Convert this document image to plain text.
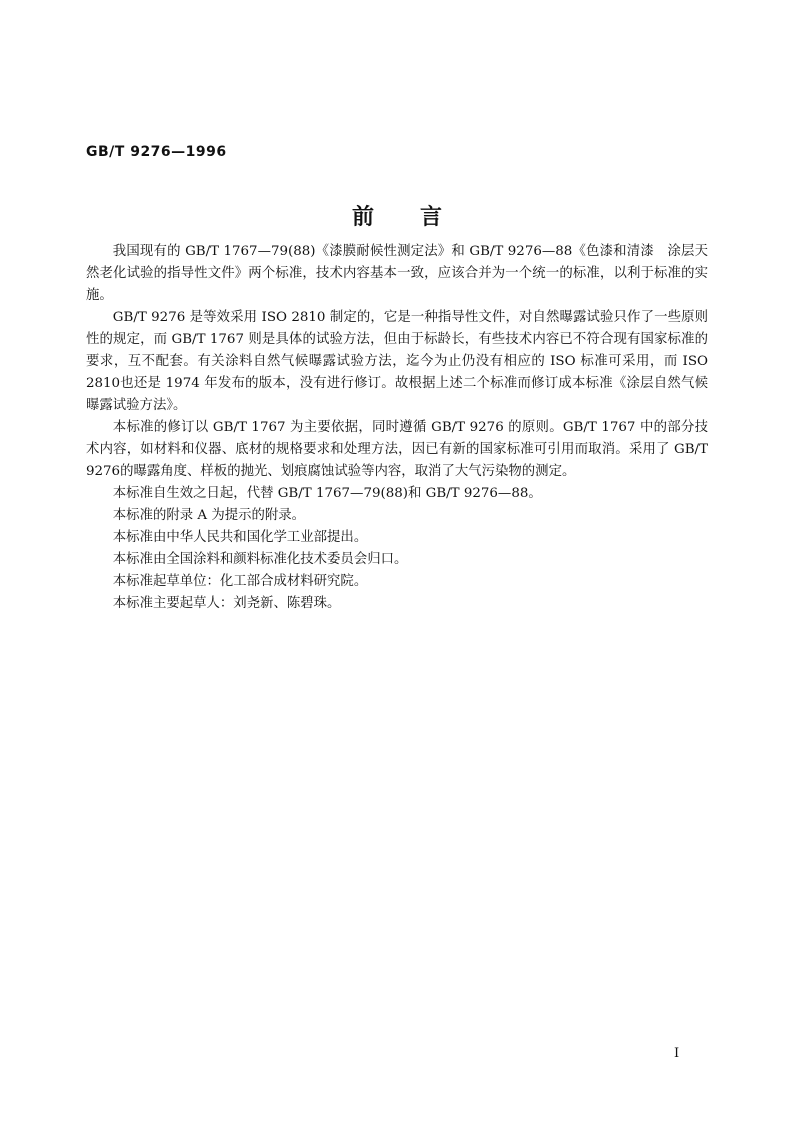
GB/T 9276—1996
前言

我国现有的 GB/T 1767—79(88)《漆膜耐候性测定法》和 GB/T 9276—88《色漆和清漆　涂层天然老化试验的指导性文件》两个标准，技术内容基本一致，应该合并为一个统一的标准，以利于标准的实施。

GB/T 9276 是等效采用 ISO 2810 制定的，它是一种指导性文件，对自然曝露试验只作了一些原则性的规定，而 GB/T 1767 则是具体的试验方法，但由于标龄长，有些技术内容已不符合现有国家标准的要求，互不配套。有关涂料自然气候曝露试验方法，迄今为止仍没有相应的 ISO 标准可采用，而 ISO 2810也还是 1974 年发布的版本，没有进行修订。故根据上述二个标准而修订成本标准《涂层自然气候曝露试验方法》。

本标准的修订以 GB/T 1767 为主要依据，同时遵循 GB/T 9276 的原则。GB/T 1767 中的部分技术内容，如材料和仪器、底材的规格要求和处理方法，因已有新的国家标准可引用而取消。采用了 GB/T 9276的曝露角度、样板的抛光、划痕腐蚀试验等内容，取消了大气污染物的测定。

本标准自生效之日起，代替 GB/T 1767—79(88)和 GB/T 9276—88。

本标准的附录 A 为提示的附录。

本标准由中华人民共和国化学工业部提出。

本标准由全国涂料和颜料标准化技术委员会归口。

本标准起草单位：化工部合成材料研究院。

本标准主要起草人：刘尧新、陈碧珠。

I
